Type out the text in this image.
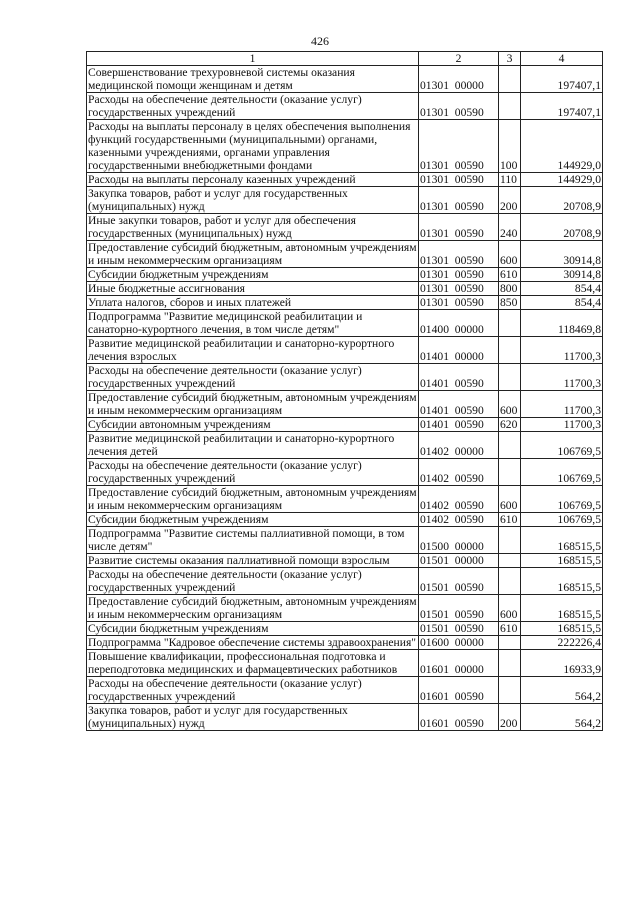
426
1	2	3	4
Совершенствование трехуровневой системы оказания медицинской помощи женщинам и детям	01301  00000		197407,1
Расходы на обеспечение деятельности (оказание услуг) государственных учреждений	01301  00590		197407,1
Расходы на выплаты персоналу в целях обеспечения выполнения функций государственными (муниципальными) органами, казенными учреждениями, органами управления государственными внебюджетными фондами	01301  00590	100	144929,0
Расходы на выплаты персоналу казенных учреждений	01301  00590	110	144929,0
Закупка товаров, работ и услуг для государственных (муниципальных) нужд	01301  00590	200	20708,9
Иные закупки товаров, работ и услуг для обеспечения государственных (муниципальных) нужд	01301  00590	240	20708,9
Предоставление субсидий бюджетным, автономным учреждениям и иным некоммерческим организациям	01301  00590	600	30914,8
Субсидии бюджетным учреждениям	01301  00590	610	30914,8
Иные бюджетные ассигнования	01301  00590	800	854,4
Уплата налогов, сборов и иных платежей	01301  00590	850	854,4
Подпрограмма "Развитие медицинской реабилитации и санаторно-курортного лечения, в том числе детям"	01400  00000		118469,8
Развитие медицинской реабилитации и санаторно-курортного лечения взрослых	01401  00000		11700,3
Расходы на обеспечение деятельности (оказание услуг) государственных учреждений	01401  00590		11700,3
Предоставление субсидий бюджетным, автономным учреждениям и иным некоммерческим организациям	01401  00590	600	11700,3
Субсидии автономным учреждениям	01401  00590	620	11700,3
Развитие медицинской реабилитации и санаторно-курортного лечения детей	01402  00000		106769,5
Расходы на обеспечение деятельности (оказание услуг) государственных учреждений	01402  00590		106769,5
Предоставление субсидий бюджетным, автономным учреждениям и иным некоммерческим организациям	01402  00590	600	106769,5
Субсидии бюджетным учреждениям	01402  00590	610	106769,5
Подпрограмма "Развитие системы паллиативной помощи, в том числе детям"	01500  00000		168515,5
Развитие системы оказания паллиативной помощи взрослым	01501  00000		168515,5
Расходы на обеспечение деятельности (оказание услуг) государственных учреждений	01501  00590		168515,5
Предоставление субсидий бюджетным, автономным учреждениям и иным некоммерческим организациям	01501  00590	600	168515,5
Субсидии бюджетным учреждениям	01501  00590	610	168515,5
Подпрограмма "Кадровое обеспечение системы здравоохранения"	01600  00000		222226,4
Повышение квалификации, профессиональная подготовка и переподготовка медицинских и фармацевтических работников	01601  00000		16933,9
Расходы на обеспечение деятельности (оказание услуг) государственных учреждений	01601  00590		564,2
Закупка товаров, работ и услуг для государственных (муниципальных) нужд	01601  00590	200	564,2
